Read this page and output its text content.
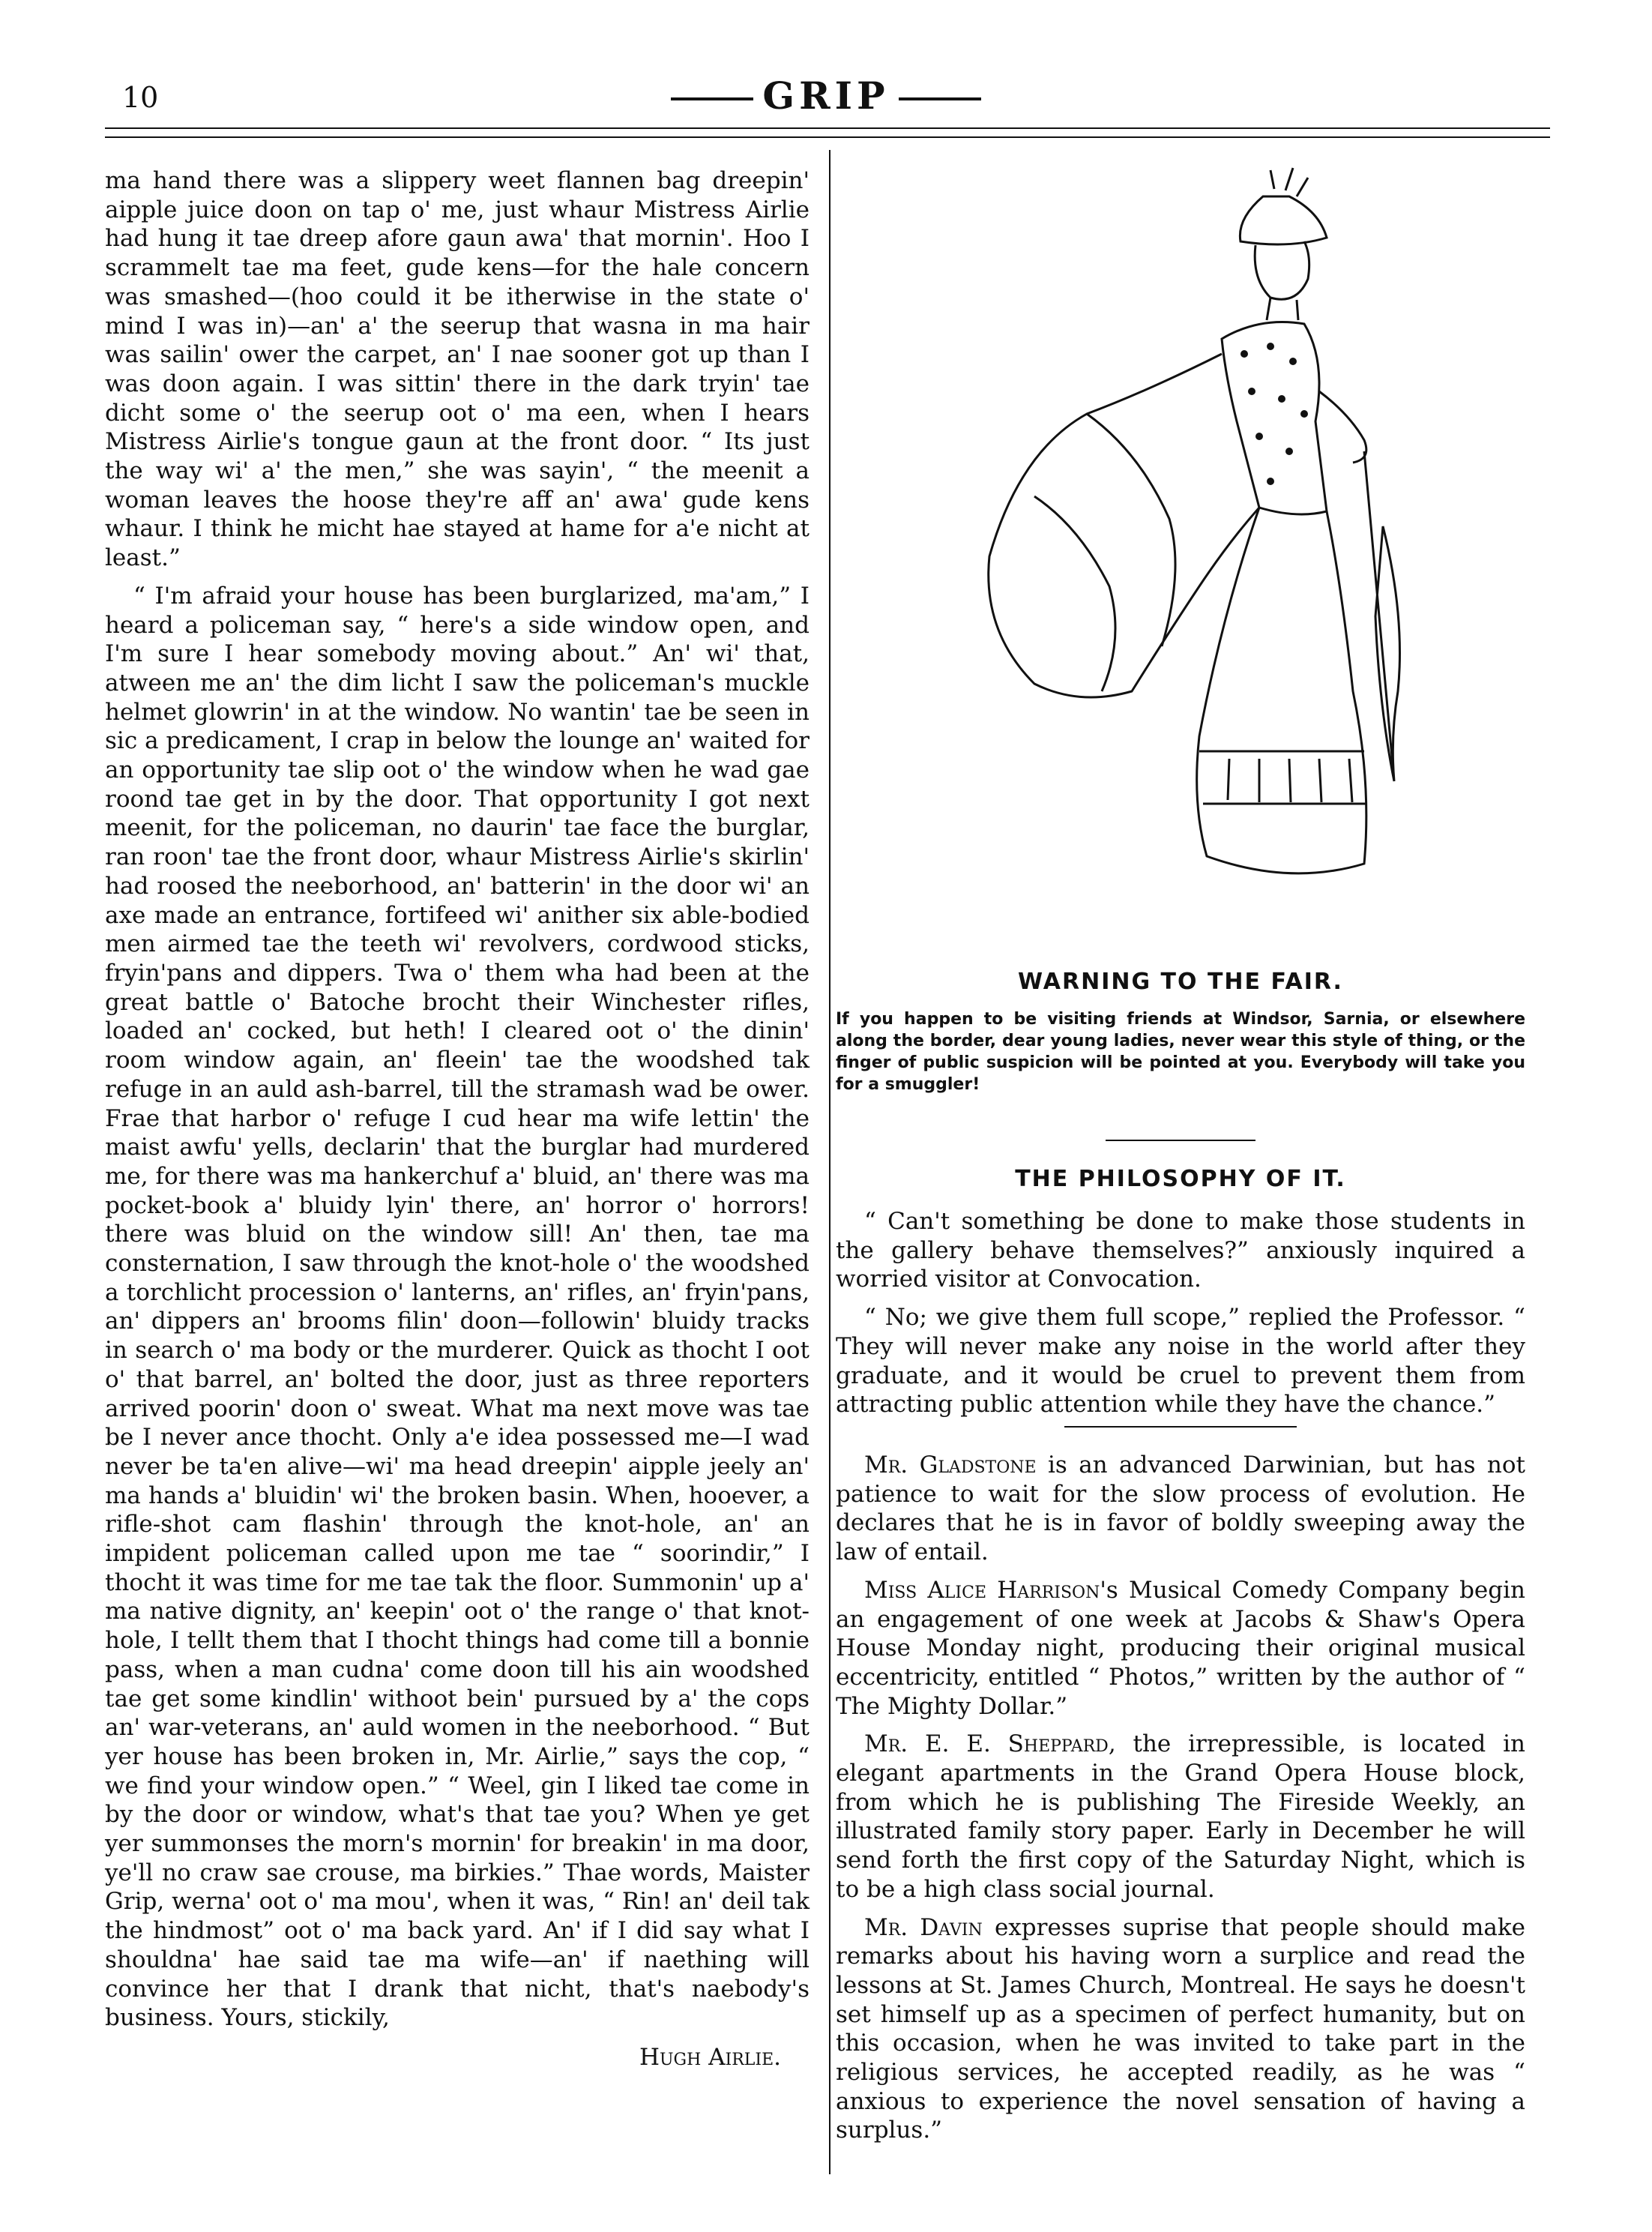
10	GRIP

ma hand there was a slippery weet flannen bag dreepin' aipple juice doon on tap o' me, just whaur Mistress Airlie had hung it tae dreep afore gaun awa' that mornin'. Hoo I scrammelt tae ma feet, gude kens—for the hale concern was smashed—(hoo could it be itherwise in the state o' mind I was in)—an' a' the seerup that wasna in ma hair was sailin' ower the carpet, an' I nae sooner got up than I was doon again. I was sittin' there in the dark tryin' tae dicht some o' the seerup oot o' ma een, when I hears Mistress Airlie's tongue gaun at the front door. “ Its just the way wi' a' the men,” she was sayin', “ the meenit a woman leaves the hoose they're aff an' awa' gude kens whaur. I think he micht hae stayed at hame for a'e nicht at least.”

“ I'm afraid your house has been burglarized, ma'am,” I heard a policeman say, “ here's a side window open, and I'm sure I hear somebody moving about.” An' wi' that, atween me an' the dim licht I saw the policeman's muckle helmet glowrin' in at the window. No wantin' tae be seen in sic a predicament, I crap in below the lounge an' waited for an opportunity tae slip oot o' the window when he wad gae roond tae get in by the door. That opportunity I got next meenit, for the policeman, no daurin' tae face the burglar, ran roon' tae the front door, whaur Mistress Airlie's skirlin' had roosed the neeborhood, an' batterin' in the door wi' an axe made an entrance, fortifeed wi' anither six able-bodied men airmed tae the teeth wi' revolvers, cordwood sticks, fryin'pans and dippers. Twa o' them wha had been at the great battle o' Batoche brocht their Winchester rifles, loaded an' cocked, but heth! I cleared oot o' the dinin' room window again, an' fleein' tae the woodshed tak refuge in an auld ash-barrel, till the stramash wad be ower. Frae that harbor o' refuge I cud hear ma wife lettin' the maist awfu' yells, declarin' that the burglar had murdered me, for there was ma hankerchuf a' bluid, an' there was ma pocket-book a' bluidy lyin' there, an' horror o' horrors! there was bluid on the window sill! An' then, tae ma consternation, I saw through the knot-hole o' the woodshed a torchlicht procession o' lanterns, an' rifles, an' fryin'pans, an' dippers an' brooms filin' doon—followin' bluidy tracks in search o' ma body or the murderer. Quick as thocht I oot o' that barrel, an' bolted the door, just as three reporters arrived poorin' doon o' sweat. What ma next move was tae be I never ance thocht. Only a'e idea possessed me—I wad never be ta'en alive—wi' ma head dreepin' aipple jeely an' ma hands a' bluidin' wi' the broken basin. When, hooever, a rifle-shot cam flashin' through the knot-hole, an' an impident policeman called upon me tae “ soorindir,” I thocht it was time for me tae tak the floor. Summonin' up a' ma native dignity, an' keepin' oot o' the range o' that knot-hole, I tellt them that I thocht things had come till a bonnie pass, when a man cudna' come doon till his ain woodshed tae get some kindlin' withoot bein' pursued by a' the cops an' war-veterans, an' auld women in the neeborhood. “ But yer house has been broken in, Mr. Airlie,” says the cop, “ we find your window open.” “ Weel, gin I liked tae come in by the door or window, what's that tae you? When ye get yer summonses the morn's mornin' for breakin' in ma door, ye'll no craw sae crouse, ma birkies.” Thae words, Maister Grip, werna' oot o' ma mou', when it was, “ Rin! an' deil tak the hindmost” oot o' ma back yard. An' if I did say what I shouldna' hae said tae ma wife—an' if naething will convince her that I drank that nicht, that's naebody's business. Yours, stickily,

Hugh Airlie.
WARNING TO THE FAIR.
If you happen to be visiting friends at Windsor, Sarnia, or elsewhere along the border, dear young ladies, never wear this style of thing, or the finger of public suspicion will be pointed at you. Everybody will take you for a smuggler!
THE PHILOSOPHY OF IT.

“ Can't something be done to make those students in the gallery behave themselves?” anxiously inquired a worried visitor at Convocation.

“ No; we give them full scope,” replied the Professor. “ They will never make any noise in the world after they graduate, and it would be cruel to prevent them from attracting public attention while they have the chance.”

Mr. Gladstone is an advanced Darwinian, but has not patience to wait for the slow process of evolution. He declares that he is in favor of boldly sweeping away the law of entail.

Miss Alice Harrison's Musical Comedy Company begin an engagement of one week at Jacobs & Shaw's Opera House Monday night, producing their original musical eccentricity, entitled “ Photos,” written by the author of “ The Mighty Dollar.”

Mr. E. E. Sheppard, the irrepressible, is located in elegant apartments in the Grand Opera House block, from which he is publishing The Fireside Weekly, an illustrated family story paper. Early in December he will send forth the first copy of the Saturday Night, which is to be a high class social journal.

Mr. Davin expresses suprise that people should make remarks about his having worn a surplice and read the lessons at St. James Church, Montreal. He says he doesn't set himself up as a specimen of perfect humanity, but on this occasion, when he was invited to take part in the religious services, he accepted readily, as he was “ anxious to experience the novel sensation of having a surplus.”
